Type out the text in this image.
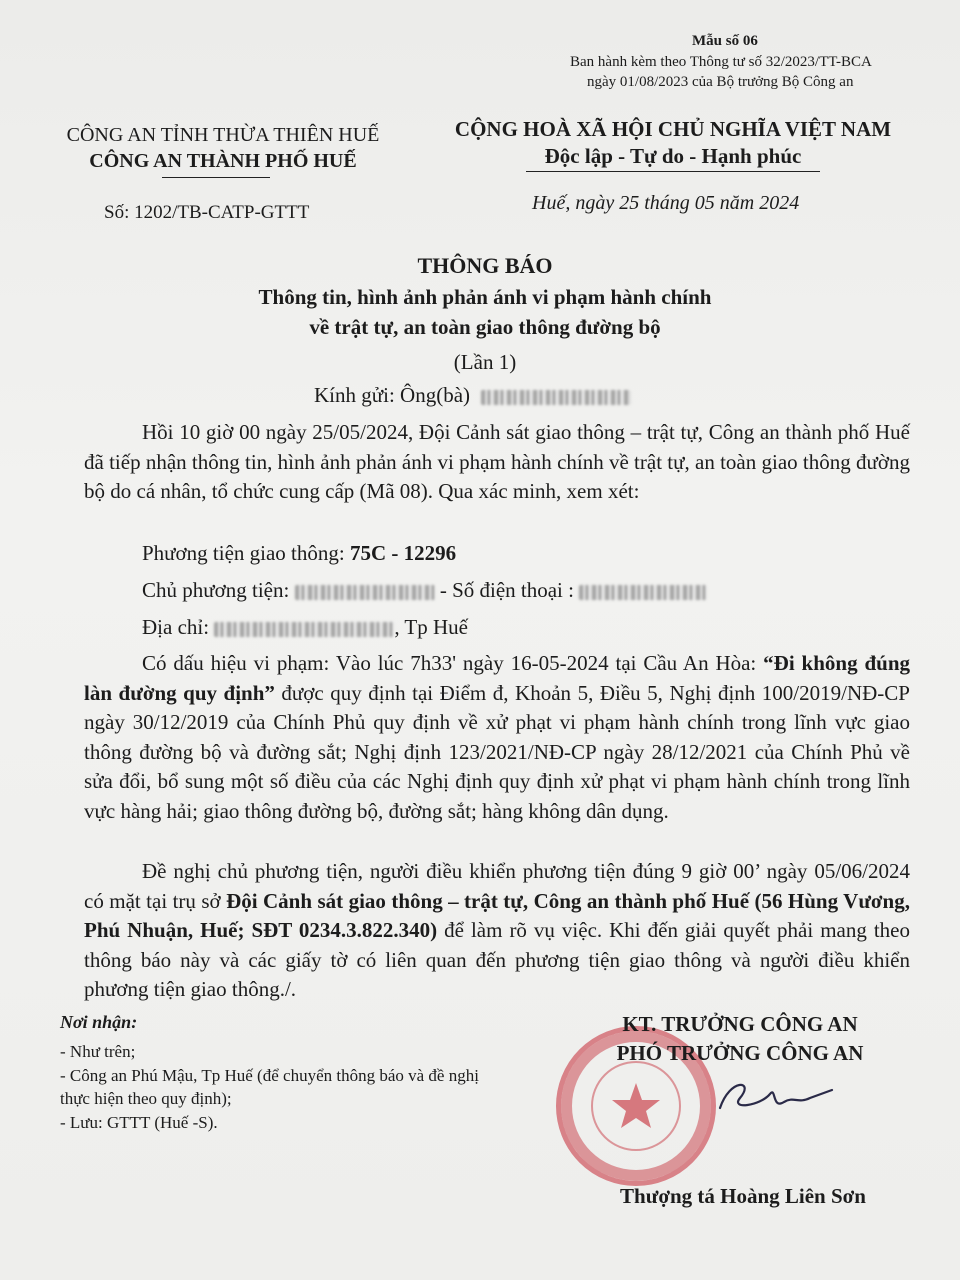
Mẫu số 06
Ban hành kèm theo Thông tư số 32/2023/TT-BCA
ngày 01/08/2023 của Bộ trưởng Bộ Công an
CÔNG AN TỈNH THỪA THIÊN HUẾ
CÔNG AN THÀNH PHỐ HUẾ
Số: 1202/TB-CATP-GTTT
CỘNG HOÀ XÃ HỘI CHỦ NGHĨA VIỆT NAM
Độc lập - Tự do - Hạnh phúc
Huế, ngày 25 tháng 05 năm 2024
THÔNG BÁO
Thông tin, hình ảnh phản ánh vi phạm hành chính
về trật tự, an toàn giao thông đường bộ
(Lần 1)
Kính gửi: Ông(bà)

Hồi 10 giờ 00 ngày 25/05/2024, Đội Cảnh sát giao thông – trật tự, Công an thành phố Huế đã tiếp nhận thông tin, hình ảnh phản ánh vi phạm hành chính về trật tự, an toàn giao thông đường bộ do cá nhân, tổ chức cung cấp (Mã 08). Qua xác minh, xem xét:

Phương tiện giao thông: 75C - 12296
Chủ phương tiện:	- Số điện thoại :
Địa chỉ:	, Tp Huế

Có dấu hiệu vi phạm: Vào lúc 7h33' ngày 16-05-2024 tại Cầu An Hòa: “Đi không đúng làn đường quy định” được quy định tại Điểm đ, Khoản 5, Điều 5, Nghị định 100/2019/NĐ-CP ngày 30/12/2019 của Chính Phủ quy định về xử phạt vi phạm hành chính trong lĩnh vực giao thông đường bộ và đường sắt; Nghị định 123/2021/NĐ-CP ngày 28/12/2021 của Chính Phủ về sửa đổi, bổ sung một số điều của các Nghị định quy định xử phạt vi phạm hành chính trong lĩnh vực hàng hải; giao thông đường bộ, đường sắt; hàng không dân dụng.

Đề nghị chủ phương tiện, người điều khiển phương tiện đúng 9 giờ 00’ ngày 05/06/2024 có mặt tại trụ sở Đội Cảnh sát giao thông – trật tự, Công an thành phố Huế (56 Hùng Vương, Phú Nhuận, Huế; SĐT 0234.3.822.340) để làm rõ vụ việc. Khi đến giải quyết phải mang theo thông báo này và các giấy tờ có liên quan đến phương tiện giao thông và người điều khiển phương tiện giao thông./.

Nơi nhận:
- Như trên;
- Công an Phú Mậu, Tp Huế (để chuyển thông báo và đề nghị thực hiện theo quy định);
- Lưu: GTTT (Huế -S).
KT. TRƯỞNG CÔNG AN
PHÓ TRƯỞNG CÔNG AN
Thượng tá Hoàng Liên Sơn
